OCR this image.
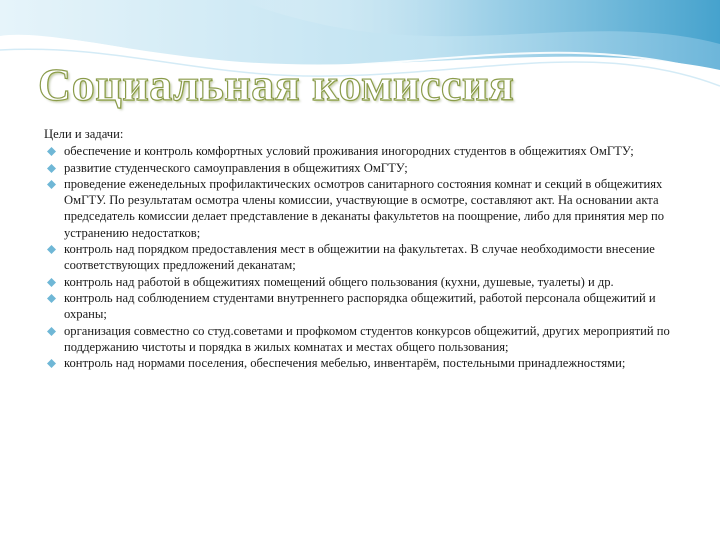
Социальная комиссия

Цели и задачи:

обеспечение и контроль комфортных условий проживания иногородних студентов в общежитиях ОмГТУ;
развитие студенческого самоуправления в общежитиях ОмГТУ;
проведение еженедельных профилактических осмотров санитарного состояния комнат и секций в общежитиях ОмГТУ. По результатам осмотра члены комиссии, участвующие в осмотре, составляют акт. На основании акта председатель комиссии делает представление в деканаты факультетов на поощрение, либо для принятия мер по устранению недостатков;
контроль над порядком предоставления мест в общежитии на факультетах. В случае необходимости внесение соответствующих предложений деканатам;
контроль над работой в общежитиях помещений общего пользования (кухни, душевые, туалеты) и др.
контроль над соблюдением студентами внутреннего распорядка общежитий, работой персонала общежитий и охраны;
организация совместно со студ.советами и профкомом студентов конкурсов общежитий, других мероприятий по поддержанию чистоты и порядка в жилых комнатах и местах общего пользования;
контроль над нормами поселения, обеспечения мебелью, инвентарём, постельными принадлежностями;
